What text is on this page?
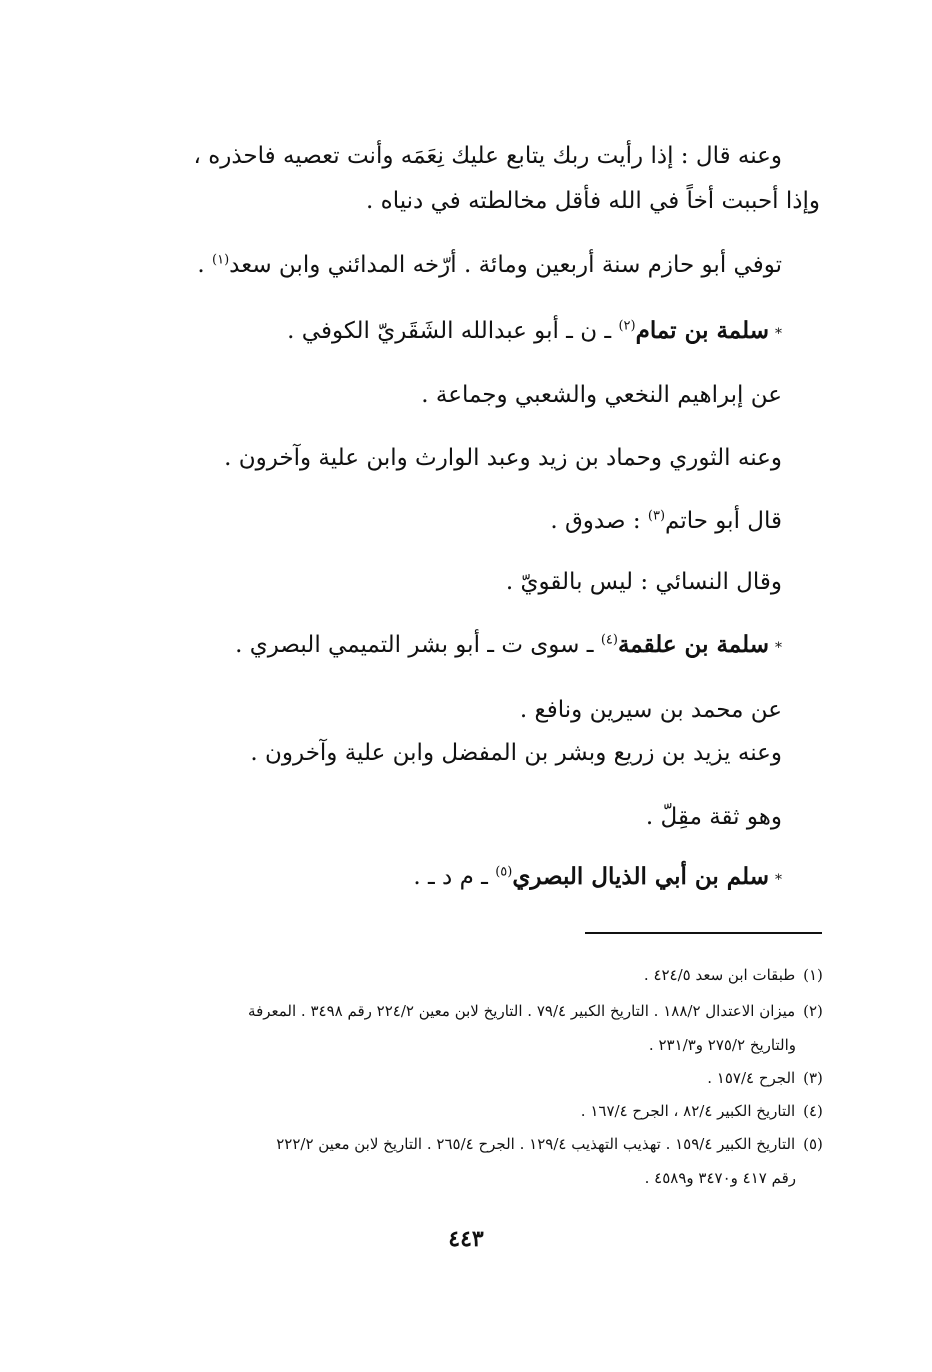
وعنه قال : إذا رأيت ربك يتابع عليك نِعَمَه وأنت تعصيه فاحذره ،
وإذا أحببت أخاً في الله فأقل مخالطته في دنياه .
توفي أبو حازم سنة أربعين ومائة . أرّخه المدائني وابن سعد$^{(١)}$ .
*سلمة بن تمام$^{(٢)}$ ـ ن ـ أبو عبدالله الشَقَريّ الكوفي .
عن إبراهيم النخعي والشعبي وجماعة .
وعنه الثوري وحماد بن زيد وعبد الوارث وابن علية وآخرون .
قال أبو حاتم$^{(٣)}$ : صدوق .
وقال النسائي : ليس بالقويّ .
*سلمة بن علقمة$^{(٤)}$ ـ سوى ت ـ أبو بشر التميمي البصري .
عن محمد بن سيرين ونافع .
وعنه يزيد بن زريع وبشر بن المفضل وابن علية وآخرون .
وهو ثقة مقِلّ .
*سلم بن أبي الذيال البصري$^{(٥)}$ ـ م د ـ .
(١) طبقات ابن سعد ٤٢٤/٥ .
(٢) ميزان الاعتدال ١٨٨/٢ . التاريخ الكبير ٧٩/٤ . التاريخ لابن معين ٢٢٤/٢ رقم ٣٤٩٨ . المعرفة
والتاريخ ٢٧٥/٢ و٢٣١/٣ .
(٣) الجرح ١٥٧/٤ .
(٤) التاريخ الكبير ٨٢/٤ ، الجرح ١٦٧/٤ .
(٥) التاريخ الكبير ١٥٩/٤ . تهذيب التهذيب ١٢٩/٤ . الجرح ٢٦٥/٤ . التاريخ لابن معين ٢٢٢/٢
رقم ٤١٧ و٣٤٧٠ و٤٥٨٩ .
٤٤٣
